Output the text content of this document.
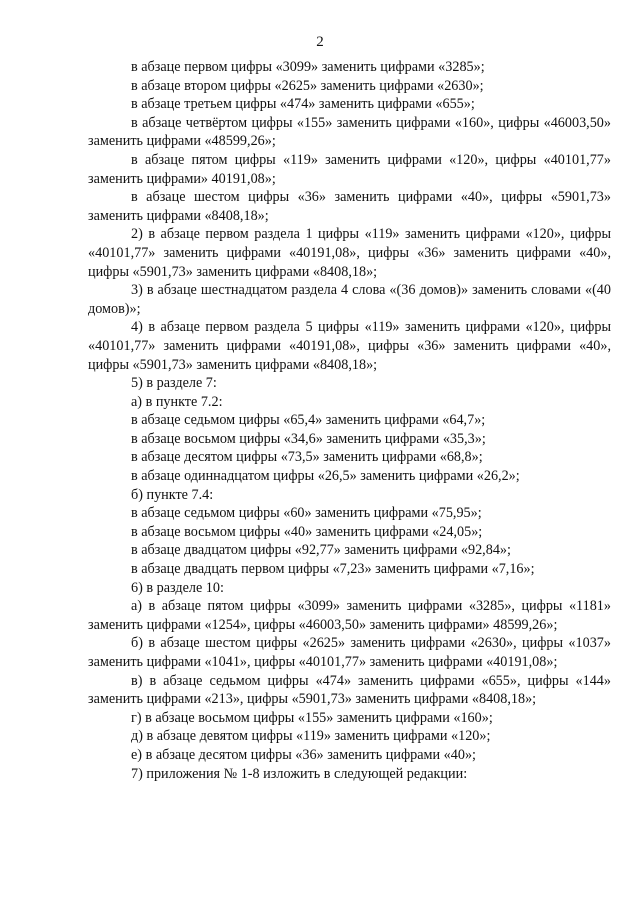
2

в абзаце первом цифры «3099» заменить цифрами «3285»;

в абзаце втором цифры «2625» заменить цифрами «2630»;

в абзаце третьем цифры «474» заменить цифрами «655»;

в абзаце четвёртом цифры «155» заменить цифрами «160», цифры «46003,50» заменить цифрами «48599,26»;

в абзаце пятом цифры «119» заменить цифрами «120», цифры «40101,77» заменить цифрами» 40191,08»;

в абзаце шестом цифры «36» заменить цифрами «40», цифры «5901,73» заменить цифрами «8408,18»;

2) в абзаце первом раздела 1 цифры «119» заменить цифрами «120», цифры «40101,77» заменить цифрами «40191,08», цифры «36» заменить цифрами «40», цифры «5901,73» заменить цифрами «8408,18»;

3) в абзаце шестнадцатом раздела 4 слова «(36 домов)» заменить словами «(40 домов)»;

4) в абзаце первом раздела 5 цифры «119» заменить цифрами «120», цифры «40101,77» заменить цифрами «40191,08», цифры «36» заменить цифрами «40», цифры «5901,73» заменить цифрами «8408,18»;

5) в разделе 7:

а) в пункте 7.2:

в абзаце седьмом цифры «65,4» заменить цифрами «64,7»;

в абзаце восьмом цифры «34,6» заменить цифрами «35,3»;

в абзаце десятом цифры «73,5» заменить цифрами «68,8»;

в абзаце одиннадцатом цифры «26,5» заменить цифрами «26,2»;

б) пункте 7.4:

в абзаце седьмом цифры «60» заменить цифрами «75,95»;

в абзаце восьмом цифры «40» заменить цифрами «24,05»;

в абзаце двадцатом цифры «92,77» заменить цифрами «92,84»;

в абзаце двадцать первом цифры «7,23» заменить цифрами «7,16»;

6) в разделе 10:

а) в абзаце пятом цифры «3099» заменить цифрами «3285», цифры «1181» заменить цифрами «1254», цифры «46003,50» заменить цифрами» 48599,26»;

б) в абзаце шестом цифры «2625» заменить цифрами «2630», цифры «1037» заменить цифрами «1041», цифры «40101,77» заменить цифрами «40191,08»;

в) в абзаце седьмом цифры «474» заменить цифрами «655», цифры «144» заменить цифрами «213», цифры «5901,73» заменить цифрами «8408,18»;

г) в абзаце восьмом цифры «155» заменить цифрами «160»;

д) в абзаце девятом цифры «119» заменить цифрами «120»;

е) в абзаце десятом цифры «36» заменить цифрами «40»;

7) приложения № 1-8 изложить в следующей редакции:
